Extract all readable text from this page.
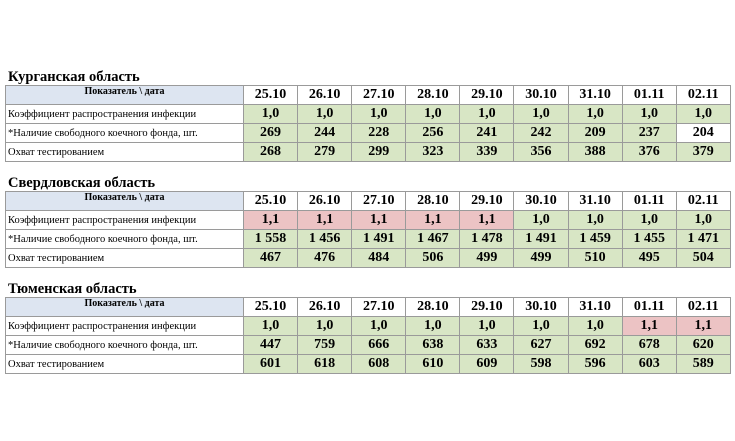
Курганская область
Показатель \ дата	25.10	26.10	27.10	28.10	29.10	30.10	31.10	01.11	02.11
Коэффициент распространения инфекции	1,0	1,0	1,0	1,0	1,0	1,0	1,0	1,0	1,0
*Наличие свободного коечного фонда, шт.	269	244	228	256	241	242	209	237	204
Охват тестированием	268	279	299	323	339	356	388	376	379
Свердловская область
Показатель \ дата	25.10	26.10	27.10	28.10	29.10	30.10	31.10	01.11	02.11
Коэффициент распространения инфекции	1,1	1,1	1,1	1,1	1,1	1,0	1,0	1,0	1,0
*Наличие свободного коечного фонда, шт.	1 558	1 456	1 491	1 467	1 478	1 491	1 459	1 455	1 471
Охват тестированием	467	476	484	506	499	499	510	495	504
Тюменская область
Показатель \ дата	25.10	26.10	27.10	28.10	29.10	30.10	31.10	01.11	02.11
Коэффициент распространения инфекции	1,0	1,0	1,0	1,0	1,0	1,0	1,0	1,1	1,1
*Наличие свободного коечного фонда, шт.	447	759	666	638	633	627	692	678	620
Охват тестированием	601	618	608	610	609	598	596	603	589
